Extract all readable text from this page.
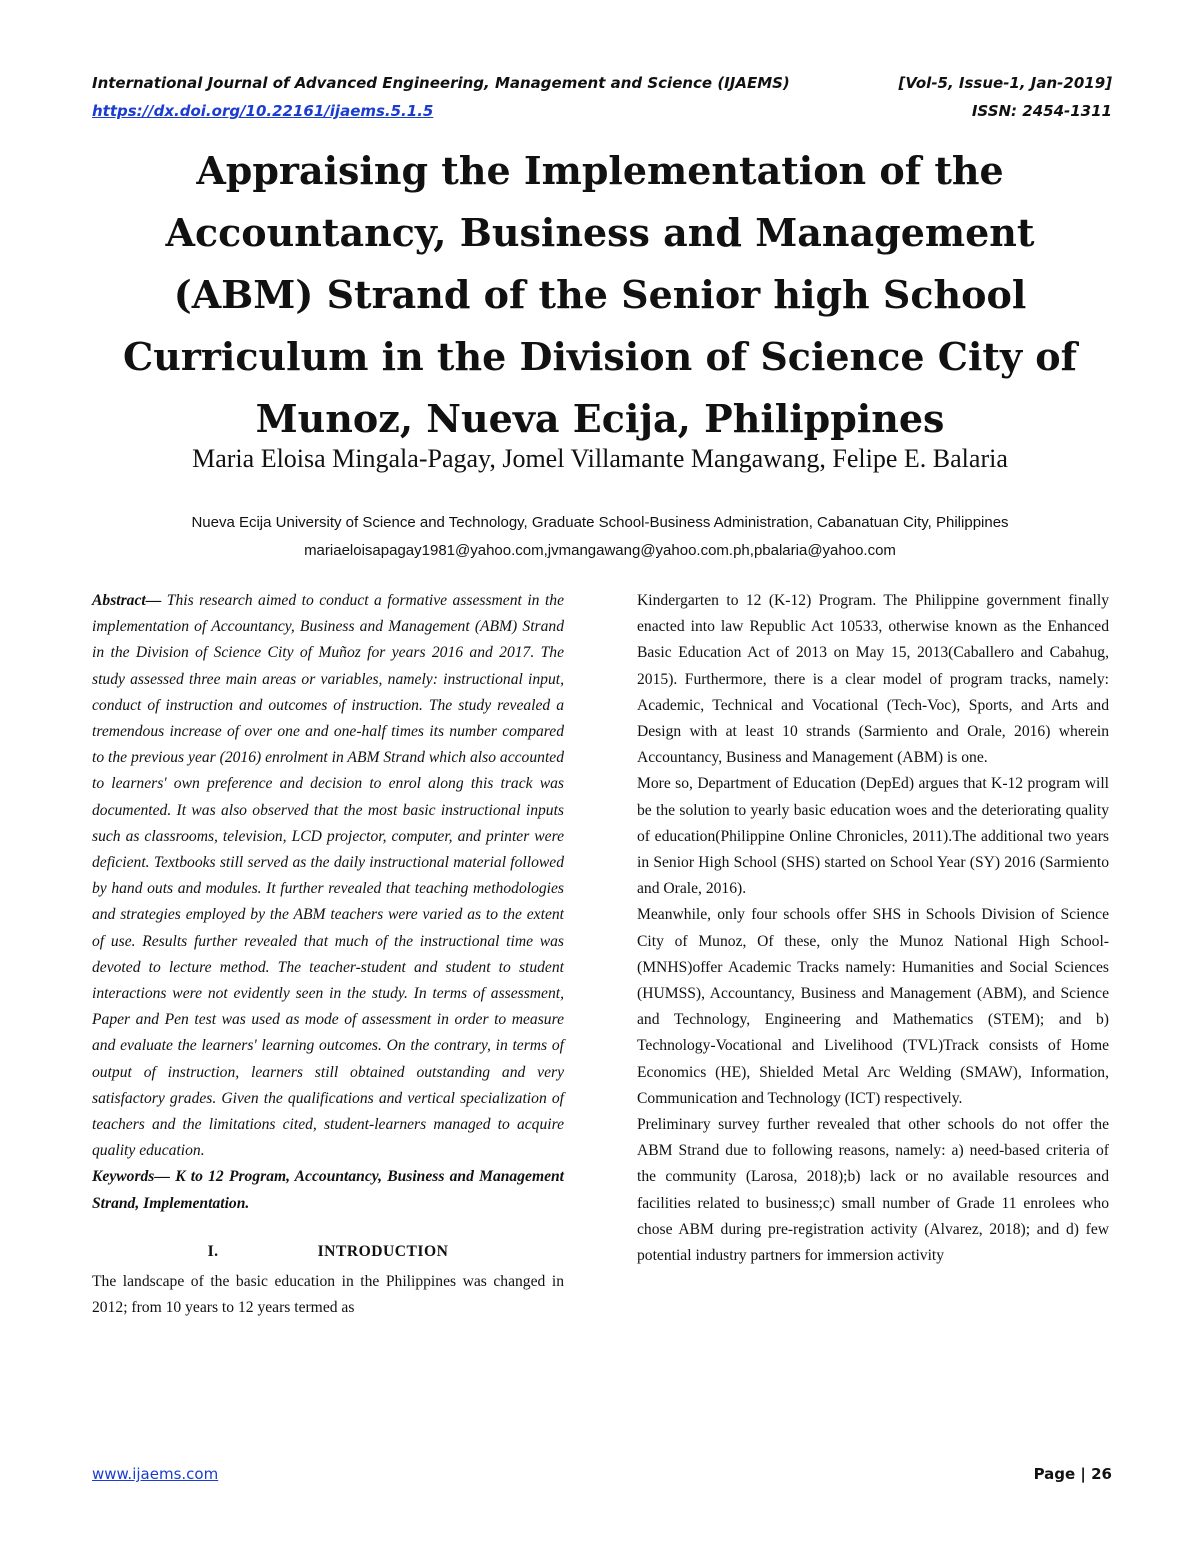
International Journal of Advanced Engineering, Management and Science (IJAEMS)	[Vol-5, Issue-1, Jan-2019]
https://dx.doi.org/10.22161/ijaems.5.1.5	ISSN: 2454-1311
Appraising the Implementation of the Accountancy, Business and Management (ABM) Strand of the Senior high School Curriculum in the Division of Science City of Munoz, Nueva Ecija, Philippines
Maria Eloisa Mingala-Pagay, Jomel Villamante Mangawang, Felipe E. Balaria
Nueva Ecija University of Science and Technology, Graduate School-Business Administration, Cabanatuan City, Philippines
mariaeloisapagay1981@yahoo.com,jvmangawang@yahoo.com.ph,pbalaria@yahoo.com

Abstract— This research aimed to conduct a formative assessment in the implementation of Accountancy, Business and Management (ABM) Strand in the Division of Science City of Muñoz for years 2016 and 2017. The study assessed three main areas or variables, namely: instructional input, conduct of instruction and outcomes of instruction. The study revealed a tremendous increase of over one and one-half times its number compared to the previous year (2016) enrolment in ABM Strand which also accounted to learners' own preference and decision to enrol along this track was documented. It was also observed that the most basic instructional inputs such as classrooms, television, LCD projector, computer, and printer were deficient. Textbooks still served as the daily instructional material followed by hand outs and modules. It further revealed that teaching methodologies and strategies employed by the ABM teachers were varied as to the extent of use. Results further revealed that much of the instructional time was devoted to lecture method. The teacher-student and student to student interactions were not evidently seen in the study. In terms of assessment, Paper and Pen test was used as mode of assessment in order to measure and evaluate the learners' learning outcomes. On the contrary, in terms of output of instruction, learners still obtained outstanding and very satisfactory grades. Given the qualifications and vertical specialization of teachers and the limitations cited, student-learners managed to acquire quality education.

Keywords— K to 12 Program, Accountancy, Business and Management Strand, Implementation.

I.	INTRODUCTION

The landscape of the basic education in the Philippines was changed in 2012; from 10 years to 12 years termed as

Kindergarten to 12 (K-12) Program. The Philippine government finally enacted into law Republic Act 10533, otherwise known as the Enhanced Basic Education Act of 2013 on May 15, 2013(Caballero and Cabahug, 2015). Furthermore, there is a clear model of program tracks, namely: Academic, Technical and Vocational (Tech-Voc), Sports, and Arts and Design with at least 10 strands (Sarmiento and Orale, 2016) wherein Accountancy, Business and Management (ABM) is one.

More so, Department of Education (DepEd) argues that K-12 program will be the solution to yearly basic education woes and the deteriorating quality of education(Philippine Online Chronicles, 2011).The additional two years in Senior High School (SHS) started on School Year (SY) 2016 (Sarmiento and Orale, 2016).

Meanwhile, only four schools offer SHS in Schools Division of Science City of Munoz, Of these, only the Munoz National High School- (MNHS)offer Academic Tracks namely: Humanities and Social Sciences (HUMSS), Accountancy, Business and Management (ABM), and Science and Technology, Engineering and Mathematics (STEM); and b) Technology-Vocational and Livelihood (TVL)Track consists of Home Economics (HE), Shielded Metal Arc Welding (SMAW), Information, Communication and Technology (ICT) respectively.

Preliminary survey further revealed that other schools do not offer the ABM Strand due to following reasons, namely: a) need-based criteria of the community (Larosa, 2018);b) lack or no available resources and facilities related to business;c) small number of Grade 11 enrolees who chose ABM during pre-registration activity (Alvarez, 2018); and d) few potential industry partners for immersion activity

www.ijaems.com	Page | 26
